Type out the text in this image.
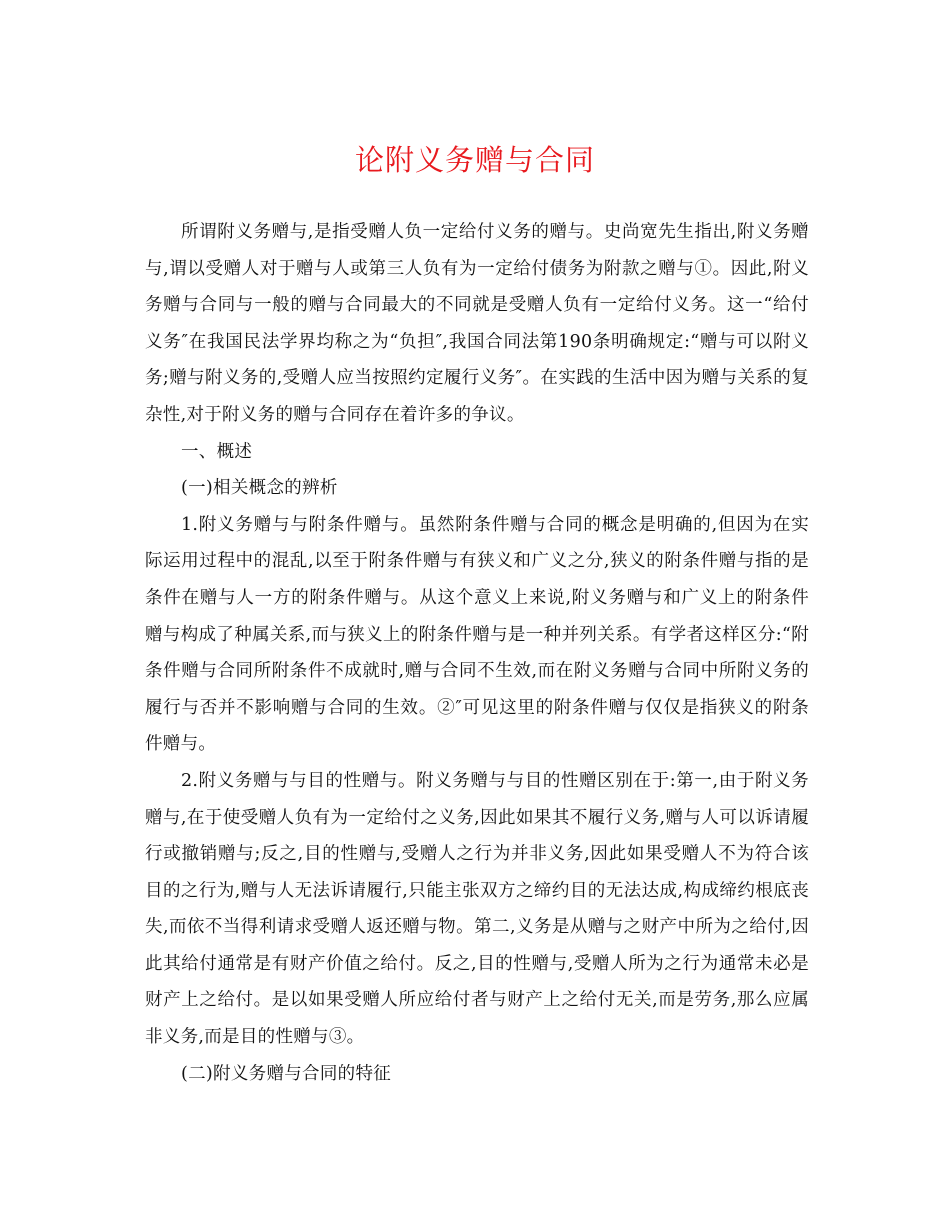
论附义务赠与合同

所谓附义务赠与,是指受赠人负一定给付义务的赠与。史尚宽先生指出,附义务赠与,谓以受赠人对于赠与人或第三人负有为一定给付债务为附款之赠与①。因此,附义务赠与合同与一般的赠与合同最大的不同就是受赠人负有一定给付义务。这一“给付义务″在我国民法学界均称之为“负担″,我国合同法第190条明确规定:“赠与可以附义务;赠与附义务的,受赠人应当按照约定履行义务″。在实践的生活中因为赠与关系的复杂性,对于附义务的赠与合同存在着许多的争议。

一、概述

(一)相关概念的辨析

1.附义务赠与与附条件赠与。虽然附条件赠与合同的概念是明确的,但因为在实际运用过程中的混乱,以至于附条件赠与有狭义和广义之分,狭义的附条件赠与指的是条件在赠与人一方的附条件赠与。从这个意义上来说,附义务赠与和广义上的附条件赠与构成了种属关系,而与狭义上的附条件赠与是一种并列关系。有学者这样区分:“附条件赠与合同所附条件不成就时,赠与合同不生效,而在附义务赠与合同中所附义务的履行与否并不影响赠与合同的生效。②″可见这里的附条件赠与仅仅是指狭义的附条件赠与。

2.附义务赠与与目的性赠与。附义务赠与与目的性赠区别在于:第一,由于附义务赠与,在于使受赠人负有为一定给付之义务,因此如果其不履行义务,赠与人可以诉请履行或撤销赠与;反之,目的性赠与,受赠人之行为并非义务,因此如果受赠人不为符合该目的之行为,赠与人无法诉请履行,只能主张双方之缔约目的无法达成,构成缔约根底丧失,而依不当得利请求受赠人返还赠与物。第二,义务是从赠与之财产中所为之给付,因此其给付通常是有财产价值之给付。反之,目的性赠与,受赠人所为之行为通常未必是财产上之给付。是以如果受赠人所应给付者与财产上之给付无关,而是劳务,那么应属非义务,而是目的性赠与③。

(二)附义务赠与合同的特征
